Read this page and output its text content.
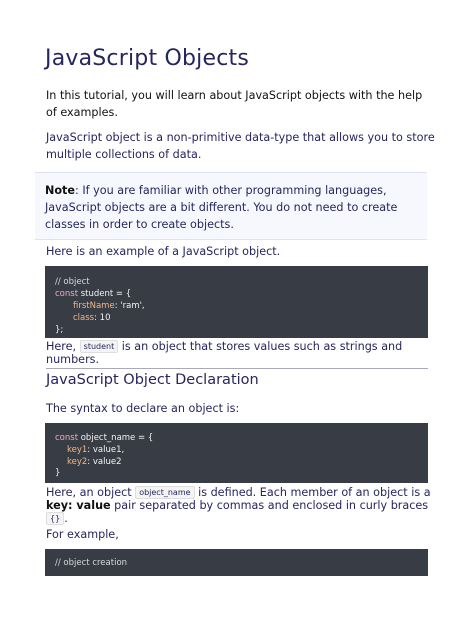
JavaScript Objects
In this tutorial, you will learn about JavaScript objects with the help of examples.
JavaScript object is a non-primitive data-type that allows you to store multiple collections of data.
Note: If you are familiar with other programming languages, JavaScript objects are a bit different. You do not need to create classes in order to create objects.
Here is an example of a JavaScript object.
// object
const student = {
firstName: 'ram',
class: 10
};
Here, student is an object that stores values such as strings and
numbers.
JavaScript Object Declaration
The syntax to declare an object is:
const object_name = {
key1: value1,
key2: value2
}
Here, an object object_name is defined. Each member of an object is a
key: value pair separated by commas and enclosed in curly braces
{} .
For example,
// object creation
